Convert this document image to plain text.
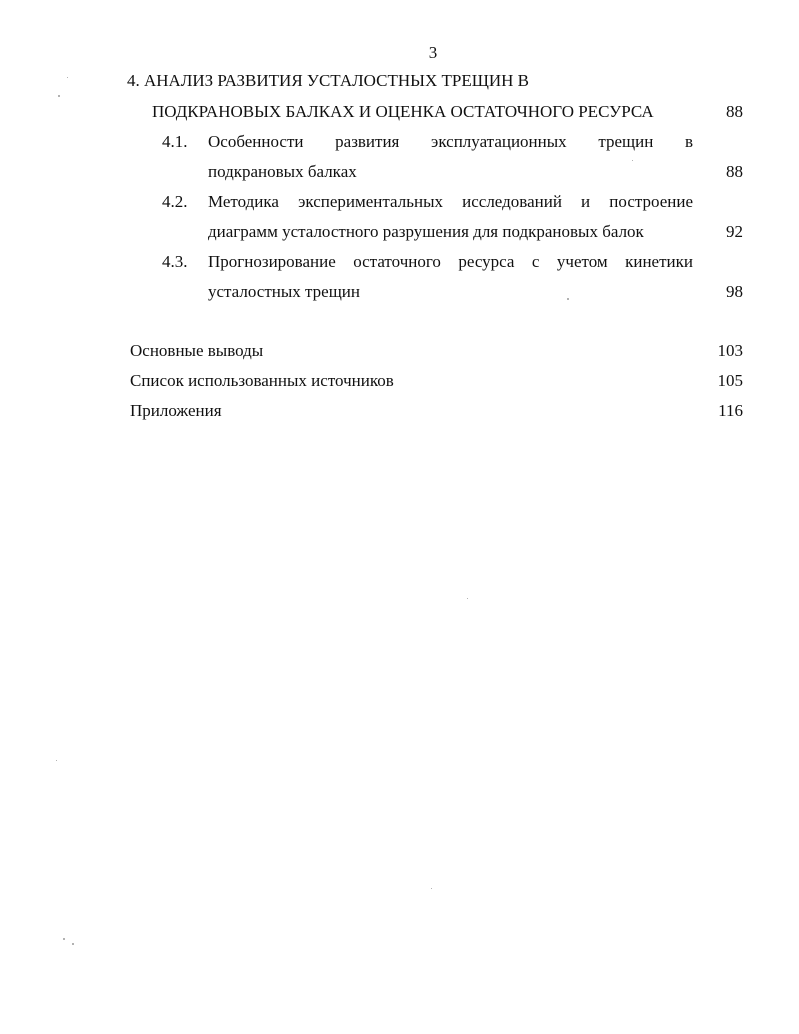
3
4. АНАЛИЗ РАЗВИТИЯ УСТАЛОСТНЫХ ТРЕЩИН В
ПОДКРАНОВЫХ БАЛКАХ И ОЦЕНКА ОСТАТОЧНОГО РЕСУРСА	88
4.1. Особенности развития эксплуатационных трещин в
подкрановых балках	88
4.2. Методика экспериментальных исследований и построение
диаграмм усталостного разрушения для подкрановых балок	92
4.3. Прогнозирование остаточного ресурса с учетом кинетики
усталостных трещин	98
Основные выводы	103
Список использованных источников	105
Приложения	116
